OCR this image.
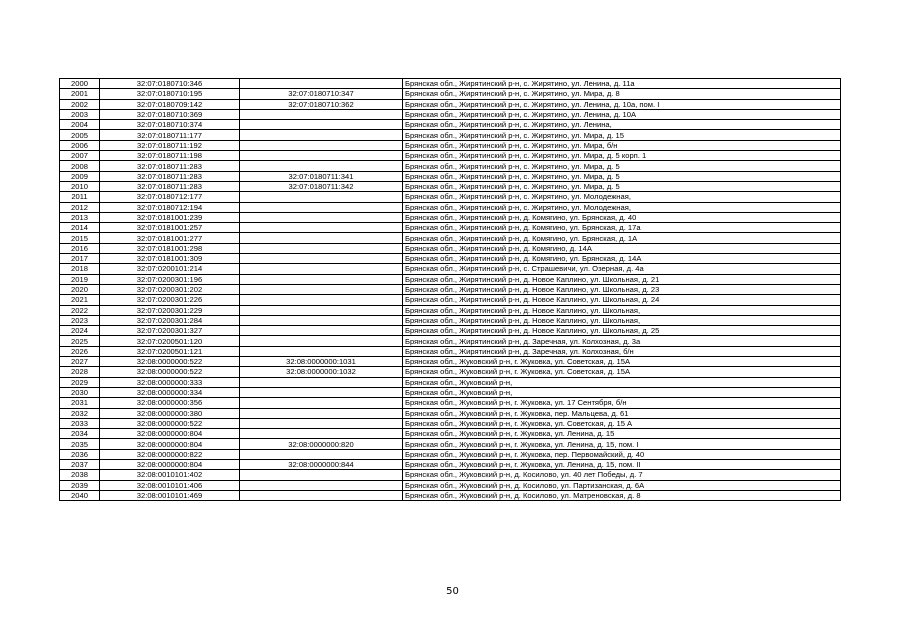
2000	32:07:0180710:346		Брянская обл., Жирятинский р-н, с. Жирятино, ул. Ленина, д. 11а
2001	32:07:0180710:195	32:07:0180710:347	Брянская обл., Жирятинский р-н, с. Жирятино, ул. Мира, д. 8
2002	32:07:0180709:142	32:07:0180710:362	Брянская обл., Жирятинский р-н, с. Жирятино, ул. Ленина, д. 10а, пом. I
2003	32:07:0180710:369		Брянская обл., Жирятинский р-н, с. Жирятино, ул. Ленина, д. 10А
2004	32:07:0180710:374		Брянская обл., Жирятинский р-н, с. Жирятино, ул. Ленина,
2005	32:07:0180711:177		Брянская обл., Жирятинский р-н, с. Жирятино, ул. Мира, д. 15
2006	32:07:0180711:192		Брянская обл., Жирятинский р-н, с. Жирятино, ул. Мира, б/н
2007	32:07:0180711:198		Брянская обл., Жирятинский р-н, с. Жирятино, ул. Мира, д. 5 корп. 1
2008	32:07:0180711:283		Брянская обл., Жирятинский р-н, с. Жирятино, ул. Мира, д. 5
2009	32:07:0180711:283	32:07:0180711:341	Брянская обл., Жирятинский р-н, с. Жирятино, ул. Мира, д. 5
2010	32:07:0180711:283	32:07:0180711:342	Брянская обл., Жирятинский р-н, с. Жирятино, ул. Мира, д. 5
2011	32:07:0180712:177		Брянская обл., Жирятинский р-н, с. Жирятино, ул. Молодежная,
2012	32:07:0180712:194		Брянская обл., Жирятинский р-н, с. Жирятино, ул. Молодежная,
2013	32:07:0181001:239		Брянская обл., Жирятинский р-н, д. Комягино, ул. Брянская, д. 40
2014	32:07:0181001:257		Брянская обл., Жирятинский р-н, д. Комягино, ул. Брянская, д. 17а
2015	32:07:0181001:277		Брянская обл., Жирятинский р-н, д. Комягино, ул. Брянская, д. 1А
2016	32:07:0181001:298		Брянская обл., Жирятинский р-н, д. Комягино, д. 14А
2017	32:07:0181001:309		Брянская обл., Жирятинский р-н, д. Комягино, ул. Брянская, д. 14А
2018	32:07:0200101:214		Брянская обл., Жирятинский р-н, с. Страшевичи, ул. Озерная, д. 4а
2019	32:07:0200301:196		Брянская обл., Жирятинский р-н, д. Новое Каплино, ул. Школьная, д. 21
2020	32:07:0200301:202		Брянская обл., Жирятинский р-н, д. Новое Каплино, ул. Школьная, д. 23
2021	32:07:0200301:226		Брянская обл., Жирятинский р-н, д. Новое Каплино, ул. Школьная, д. 24
2022	32:07:0200301:229		Брянская обл., Жирятинский р-н, д. Новое Каплино, ул. Школьная,
2023	32:07:0200301:284		Брянская обл., Жирятинский р-н, д. Новое Каплино, ул. Школьная,
2024	32:07:0200301:327		Брянская обл., Жирятинский р-н, д. Новое Каплино, ул. Школьная, д. 25
2025	32:07:0200501:120		Брянская обл., Жирятинский р-н, д. Заречная, ул. Колхозная, д. 3а
2026	32:07:0200501:121		Брянская обл., Жирятинский р-н, д. Заречная, ул. Колхозная, б/н
2027	32:08:0000000:522	32:08:0000000:1031	Брянская обл., Жуковский р-н, г. Жуковка, ул. Советская, д. 15А
2028	32:08:0000000:522	32:08:0000000:1032	Брянская обл., Жуковский р-н, г. Жуковка, ул. Советская, д. 15А
2029	32:08:0000000:333		Брянская обл., Жуковский р-н,
2030	32:08:0000000:334		Брянская обл., Жуковский р-н,
2031	32:08:0000000:356		Брянская обл., Жуковский р-н, г. Жуковка, ул. 17 Сентября, б/н
2032	32:08:0000000:380		Брянская обл., Жуковский р-н, г. Жуковка, пер. Мальцева, д. 61
2033	32:08:0000000:522		Брянская обл., Жуковский р-н, г. Жуковка, ул. Советская, д. 15 А
2034	32:08:0000000:804		Брянская обл., Жуковский р-н, г. Жуковка, ул. Ленина, д. 15
2035	32:08:0000000:804	32:08:0000000:820	Брянская обл., Жуковский р-н, г. Жуковка, ул. Ленина, д. 15, пом. I
2036	32:08:0000000:822		Брянская обл., Жуковский р-н, г. Жуковка, пер. Первомайский, д. 40
2037	32:08:0000000:804	32:08:0000000:844	Брянская обл., Жуковский р-н, г. Жуковка, ул. Ленина, д. 15, пом. II
2038	32:08:0010101:402		Брянская обл., Жуковский р-н, д. Косилово, ул. 40 лет Победы, д. 7
2039	32:08:0010101:406		Брянская обл., Жуковский р-н, д. Косилово, ул. Партизанская, д. 6А
2040	32:08:0010101:469		Брянская обл., Жуковский р-н, д. Косилово, ул. Матреновская, д. 8
50
